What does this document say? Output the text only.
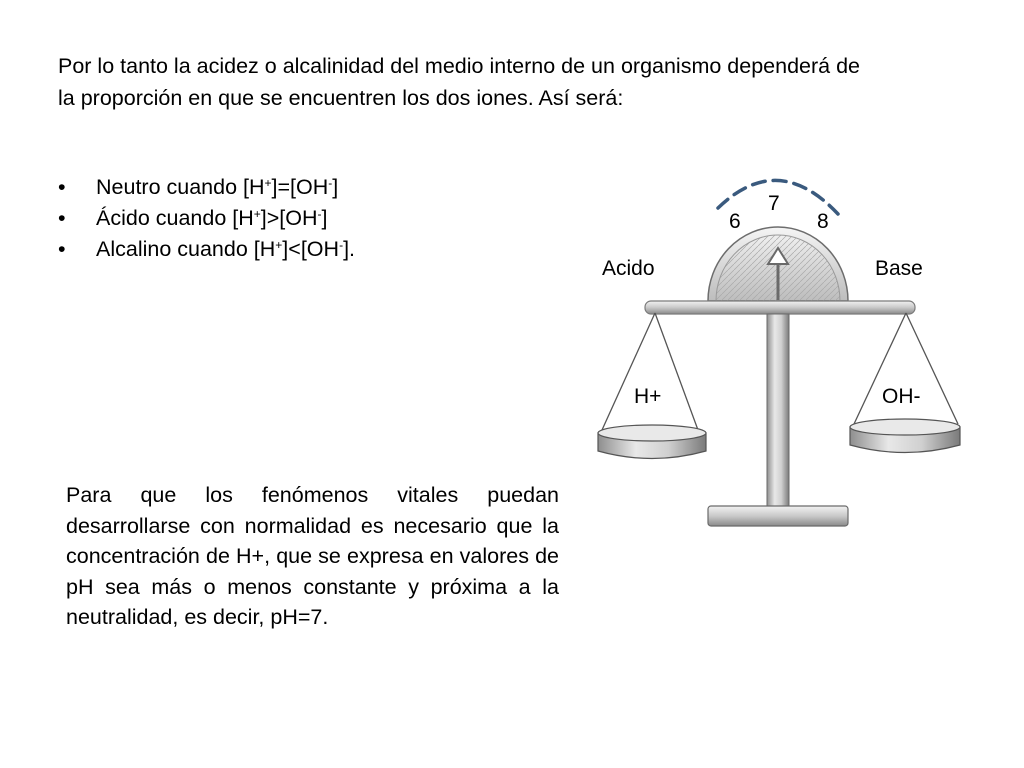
Por lo tanto la acidez o alcalinidad del medio interno de un organismo dependerá de

la proporción en que se encuentren los dos iones. Así será:

• Neutro cuando [H+]=[OH-]
• Ácido cuando [H+]>[OH-]
• Alcalino cuando [H+]<[OH-].

Para que los fenómenos vitales puedan desarrollarse con normalidad es necesario que la concentración de H+, que se expresa en valores de pH sea más o menos constante y próxima a la neutralidad, es decir, pH=7.

7
6	8
Acido	Base
H+	OH-
